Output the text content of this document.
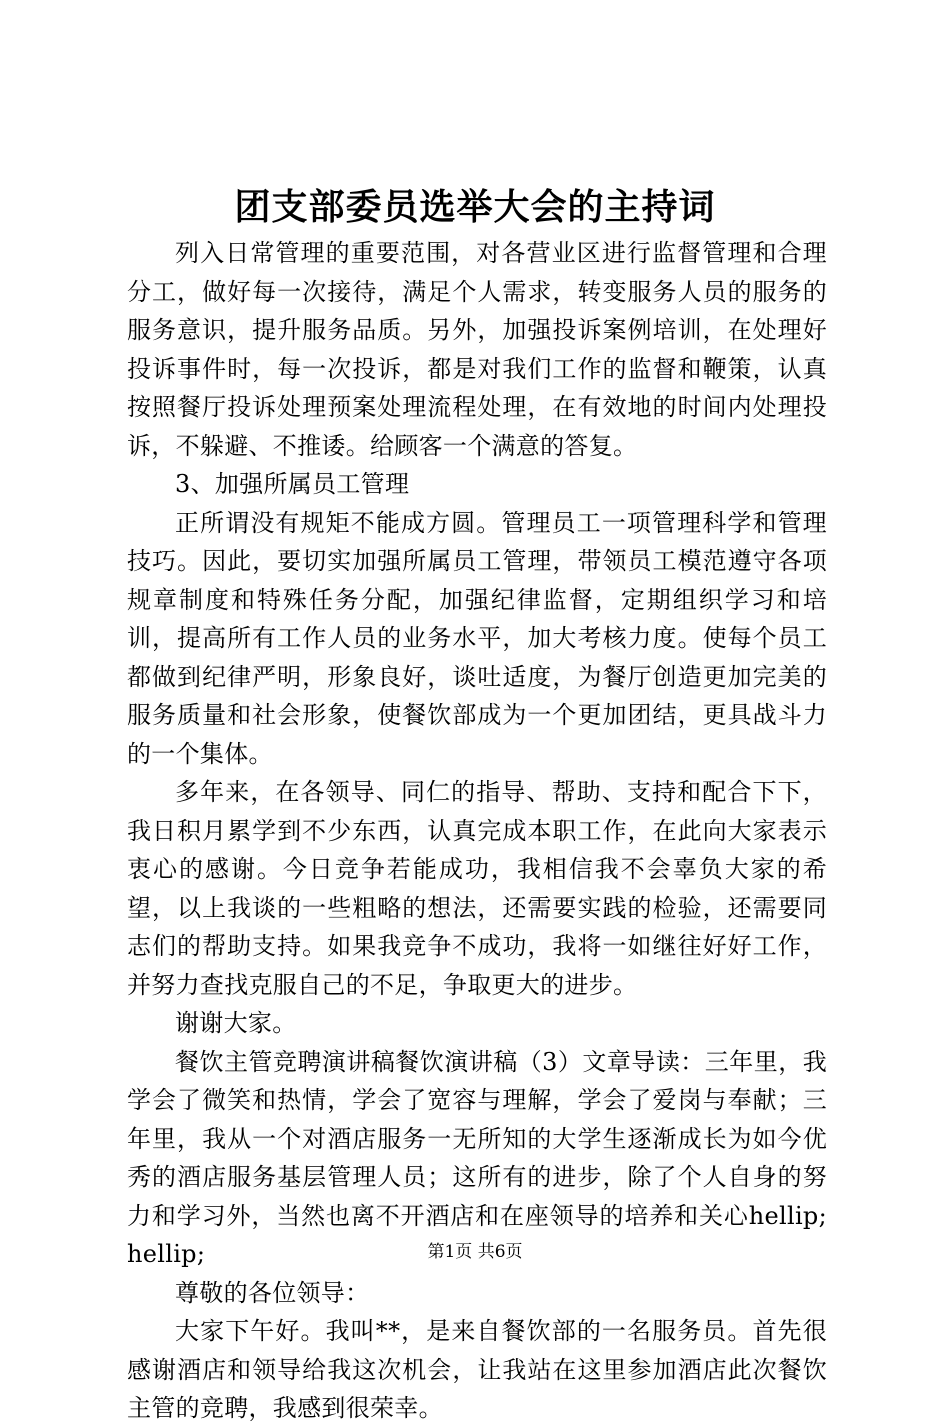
团支部委员选举大会的主持词

列入日常管理的重要范围，对各营业区进行监督管理和合理分工，做好每一次接待，满足个人需求，转变服务人员的服务的服务意识，提升服务品质。另外，加强投诉案例培训，在处理好投诉事件时，每一次投诉，都是对我们工作的监督和鞭策，认真按照餐厅投诉处理预案处理流程处理，在有效地的时间内处理投诉，不躲避、不推诿。给顾客一个满意的答复。

3、加强所属员工管理

正所谓没有规矩不能成方圆。管理员工一项管理科学和管理技巧。因此，要切实加强所属员工管理，带领员工模范遵守各项规章制度和特殊任务分配，加强纪律监督，定期组织学习和培训，提高所有工作人员的业务水平，加大考核力度。使每个员工都做到纪律严明，形象良好，谈吐适度，为餐厅创造更加完美的服务质量和社会形象，使餐饮部成为一个更加团结，更具战斗力的一个集体。

多年来，在各领导、同仁的指导、帮助、支持和配合下下，我日积月累学到不少东西，认真完成本职工作，在此向大家表示衷心的感谢。今日竞争若能成功，我相信我不会辜负大家的希望，以上我谈的一些粗略的想法，还需要实践的检验，还需要同志们的帮助支持。如果我竞争不成功，我将一如继往好好工作，并努力查找克服自己的不足，争取更大的进步。

谢谢大家。

餐饮主管竞聘演讲稿餐饮演讲稿（3）文章导读：三年里，我学会了微笑和热情，学会了宽容与理解，学会了爱岗与奉献；三年里，我从一个对酒店服务一无所知的大学生逐渐成长为如今优秀的酒店服务基层管理人员；这所有的进步，除了个人自身的努力和学习外，当然也离不开酒店和在座领导的培养和关心hellip;hellip;

尊敬的各位领导：

大家下午好。我叫**，是来自餐饮部的一名服务员。首先很感谢酒店和领导给我这次机会，让我站在这里参加酒店此次餐饮主管的竞聘，我感到很荣幸。

第1页 共6页
